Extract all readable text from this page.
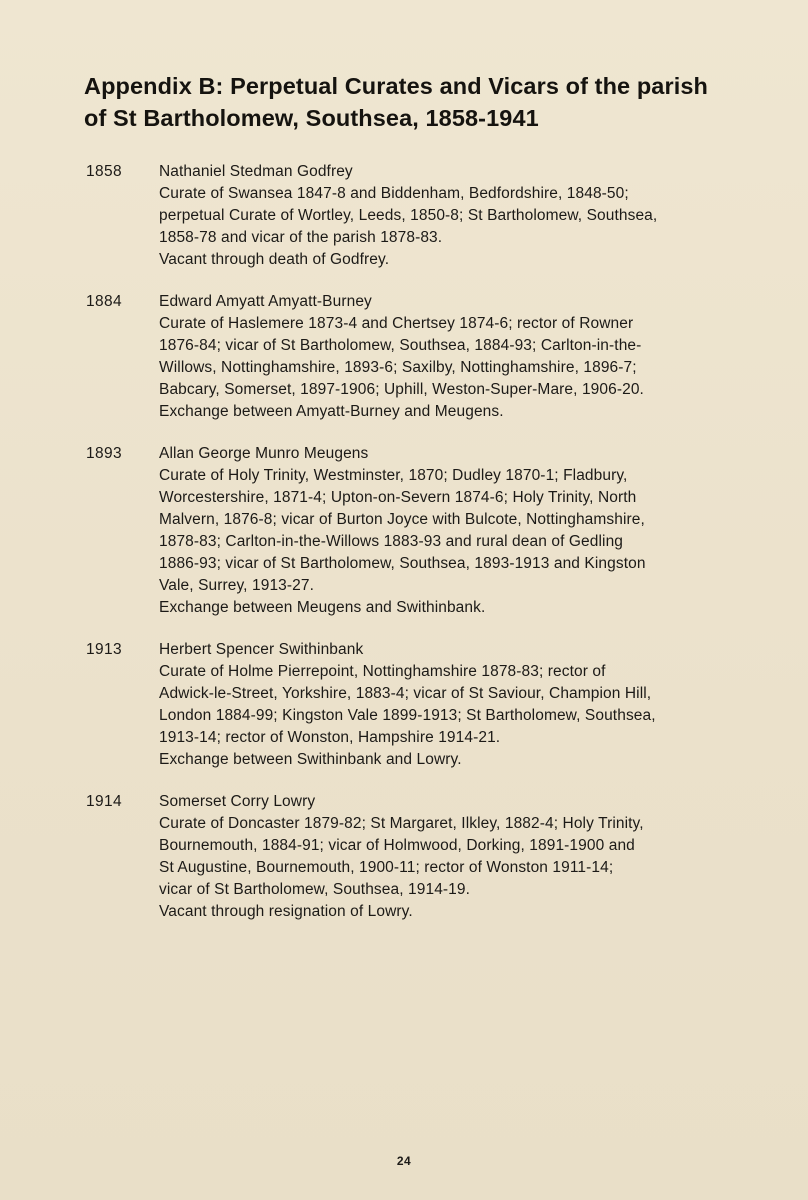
Appendix B: Perpetual Curates and Vicars of the parish
of St Bartholomew, Southsea, 1858-1941
1858	Nathaniel Stedman Godfrey
Curate of Swansea 1847-8 and Biddenham, Bedfordshire, 1848-50;
perpetual Curate of Wortley, Leeds, 1850-8; St Bartholomew, Southsea,
1858-78 and vicar of the parish 1878-83.
Vacant through death of Godfrey.
1884	Edward Amyatt Amyatt-Burney
Curate of Haslemere 1873-4 and Chertsey 1874-6; rector of Rowner
1876-84; vicar of St Bartholomew, Southsea, 1884-93; Carlton-in-the-
Willows, Nottinghamshire, 1893-6; Saxilby, Nottinghamshire, 1896-7;
Babcary, Somerset, 1897-1906; Uphill, Weston-Super-Mare, 1906-20.
Exchange between Amyatt-Burney and Meugens.
1893	Allan George Munro Meugens
Curate of Holy Trinity, Westminster, 1870; Dudley 1870-1; Fladbury,
Worcestershire, 1871-4; Upton-on-Severn 1874-6; Holy Trinity, North
Malvern, 1876-8; vicar of Burton Joyce with Bulcote, Nottinghamshire,
1878-83; Carlton-in-the-Willows 1883-93 and rural dean of Gedling
1886-93; vicar of St Bartholomew, Southsea, 1893-1913 and Kingston
Vale, Surrey, 1913-27.
Exchange between Meugens and Swithinbank.
1913	Herbert Spencer Swithinbank
Curate of Holme Pierrepoint, Nottinghamshire 1878-83; rector of
Adwick-le-Street, Yorkshire, 1883-4; vicar of St Saviour, Champion Hill,
London 1884-99; Kingston Vale 1899-1913; St Bartholomew, Southsea,
1913-14; rector of Wonston, Hampshire 1914-21.
Exchange between Swithinbank and Lowry.
1914	Somerset Corry Lowry
Curate of Doncaster 1879-82; St Margaret, Ilkley, 1882-4; Holy Trinity,
Bournemouth, 1884-91; vicar of Holmwood, Dorking, 1891-1900 and
St Augustine, Bournemouth, 1900-11; rector of Wonston 1911-14;
vicar of St Bartholomew, Southsea, 1914-19.
Vacant through resignation of Lowry.
24
